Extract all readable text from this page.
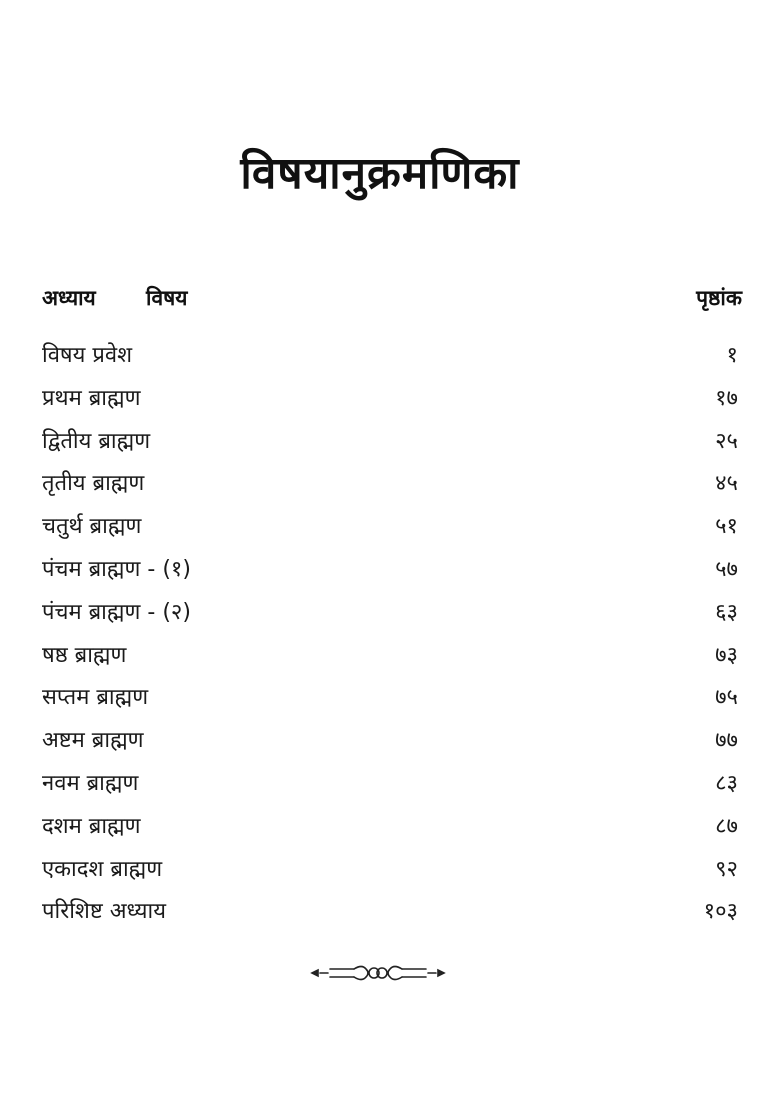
विषयानुक्रमणिका
अध्याय विषय	पृष्ठांक
विषय प्रवेश	१
प्रथम ब्राह्मण	१७
द्वितीय ब्राह्मण	२५
तृतीय ब्राह्मण	४५
चतुर्थ ब्राह्मण	५१
पंचम ब्राह्मण - (१)	५७
पंचम ब्राह्मण - (२)	६३
षष्ठ ब्राह्मण	७३
सप्तम ब्राह्मण	७५
अष्टम ब्राह्मण	७७
नवम ब्राह्मण	८३
दशम ब्राह्मण	८७
एकादश ब्राह्मण	९२
परिशिष्ट अध्याय	१०३
